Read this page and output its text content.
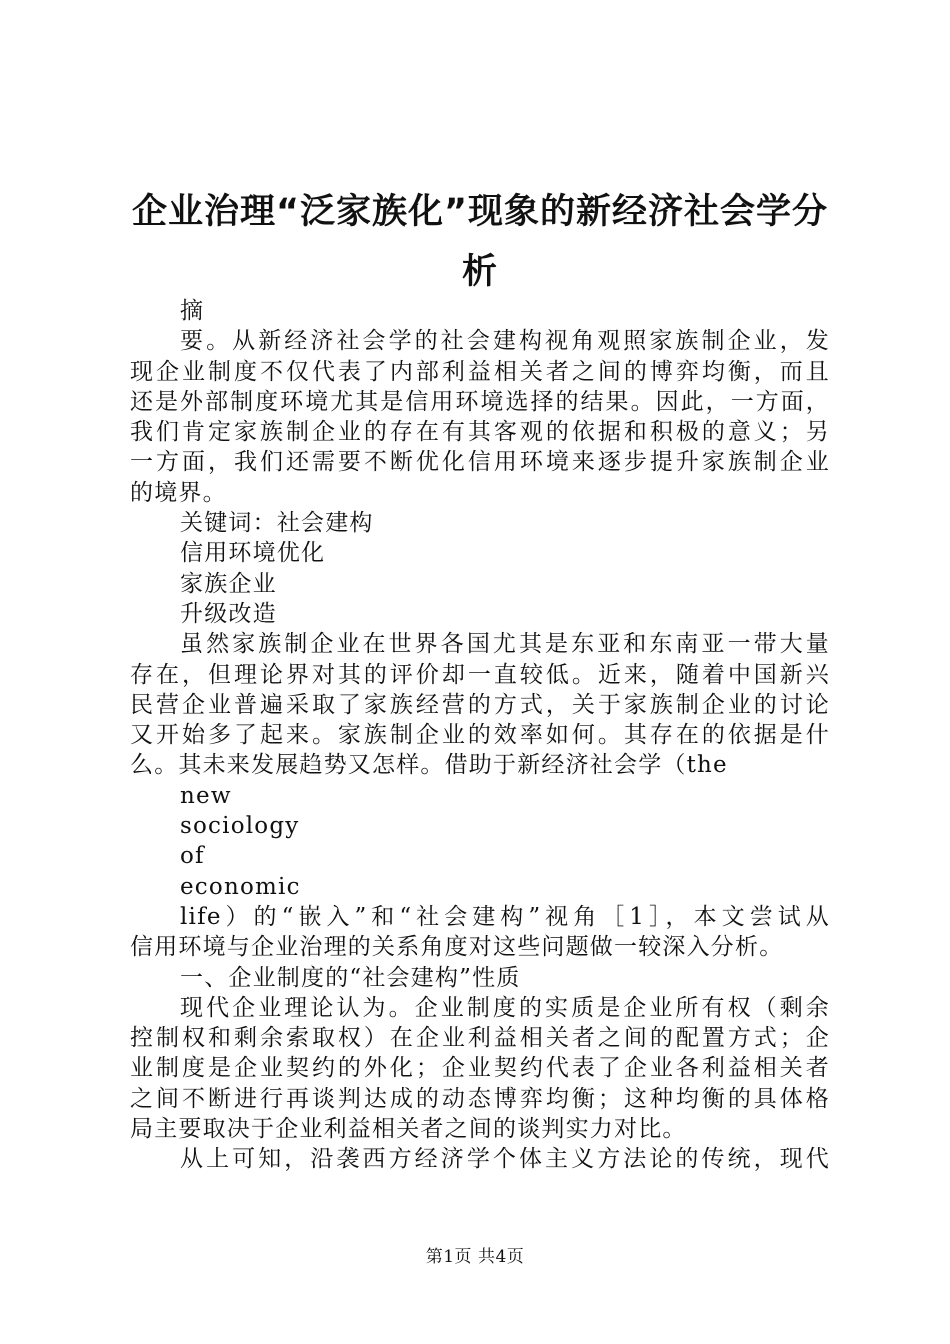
企业治理“泛家族化”现象的新经济社会学分
析
摘
要。从新经济社会学的社会建构视角观照家族制企业，发
现企业制度不仅代表了内部利益相关者之间的博弈均衡，而且
还是外部制度环境尤其是信用环境选择的结果。因此，一方面，
我们肯定家族制企业的存在有其客观的依据和积极的意义；另
一方面，我们还需要不断优化信用环境来逐步提升家族制企业
的境界。
关键词：社会建构
信用环境优化
家族企业
升级改造
虽然家族制企业在世界各国尤其是东亚和东南亚一带大量
存在，但理论界对其的评价却一直较低。近来，随着中国新兴
民营企业普遍采取了家族经营的方式，关于家族制企业的讨论
又开始多了起来。家族制企业的效率如何。其存在的依据是什
么。其未来发展趋势又怎样。借助于新经济社会学（the
new
sociology
of
economic
life）的“嵌入”和“社会建构”视角［1］，本文尝试从
信用环境与企业治理的关系角度对这些问题做一较深入分析。
一、企业制度的“社会建构”性质
现代企业理论认为。企业制度的实质是企业所有权（剩余
控制权和剩余索取权）在企业利益相关者之间的配置方式；企
业制度是企业契约的外化；企业契约代表了企业各利益相关者
之间不断进行再谈判达成的动态博弈均衡；这种均衡的具体格
局主要取决于企业利益相关者之间的谈判实力对比。
从上可知，沿袭西方经济学个体主义方法论的传统，现代
第1页 共4页
